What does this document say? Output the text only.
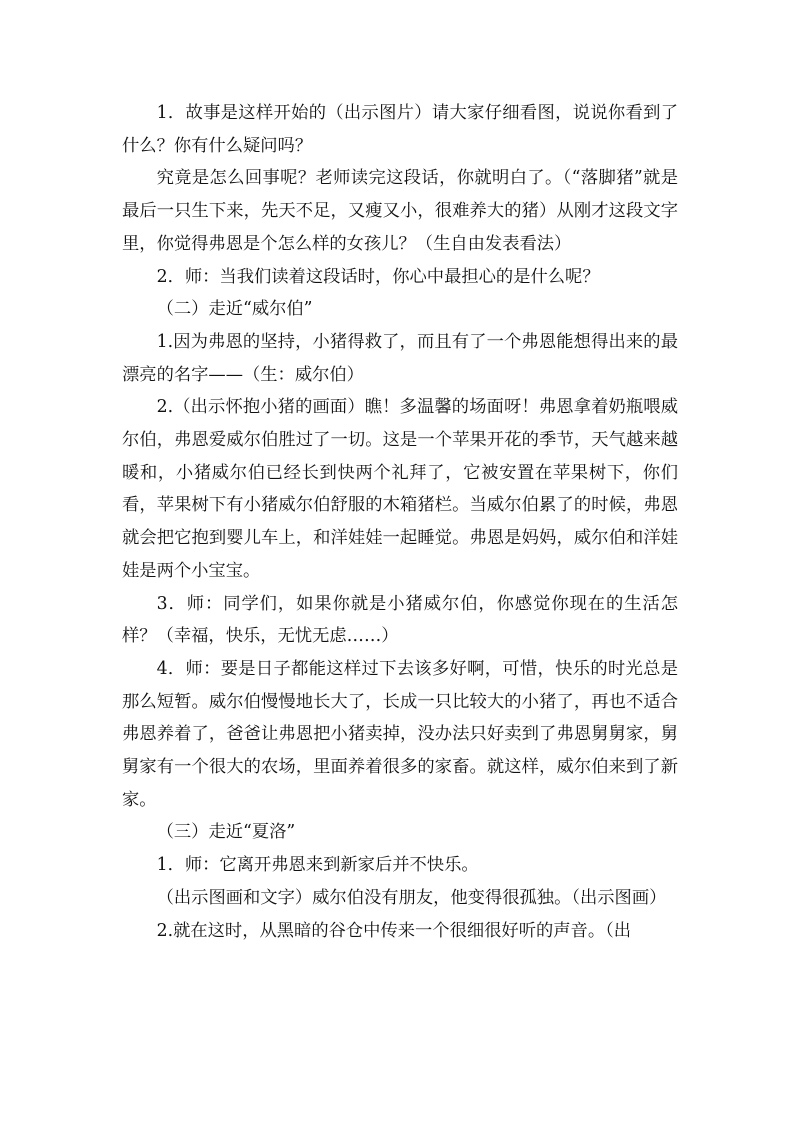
1．故事是这样开始的（出示图片）请大家仔细看图，说说你看到了什么？你有什么疑问吗？

究竟是怎么回事呢？老师读完这段话，你就明白了。（“落脚猪”就是最后一只生下来，先天不足，又瘦又小，很难养大的猪）从刚才这段文字里，你觉得弗恩是个怎么样的女孩儿？（生自由发表看法）

2．师：当我们读着这段话时，你心中最担心的是什么呢？

（二）走近“威尔伯”

1.因为弗恩的坚持，小猪得救了，而且有了一个弗恩能想得出来的最漂亮的名字——（生：威尔伯）

2.（出示怀抱小猪的画面）瞧！多温馨的场面呀！弗恩拿着奶瓶喂威尔伯，弗恩爱威尔伯胜过了一切。这是一个苹果开花的季节，天气越来越暖和，小猪威尔伯已经长到快两个礼拜了，它被安置在苹果树下，你们看，苹果树下有小猪威尔伯舒服的木箱猪栏。当威尔伯累了的时候，弗恩就会把它抱到婴儿车上，和洋娃娃一起睡觉。弗恩是妈妈，威尔伯和洋娃娃是两个小宝宝。

3．师：同学们，如果你就是小猪威尔伯，你感觉你现在的生活怎样？（幸福，快乐，无忧无虑……）

4．师：要是日子都能这样过下去该多好啊，可惜，快乐的时光总是那么短暂。威尔伯慢慢地长大了，长成一只比较大的小猪了，再也不适合弗恩养着了，爸爸让弗恩把小猪卖掉，没办法只好卖到了弗恩舅舅家，舅舅家有一个很大的农场，里面养着很多的家畜。就这样，威尔伯来到了新家。

（三）走近“夏洛”

1．师：它离开弗恩来到新家后并不快乐。

（出示图画和文字）威尔伯没有朋友，他变得很孤独。（出示图画）

2.就在这时，从黑暗的谷仓中传来一个很细很好听的声音。（出
